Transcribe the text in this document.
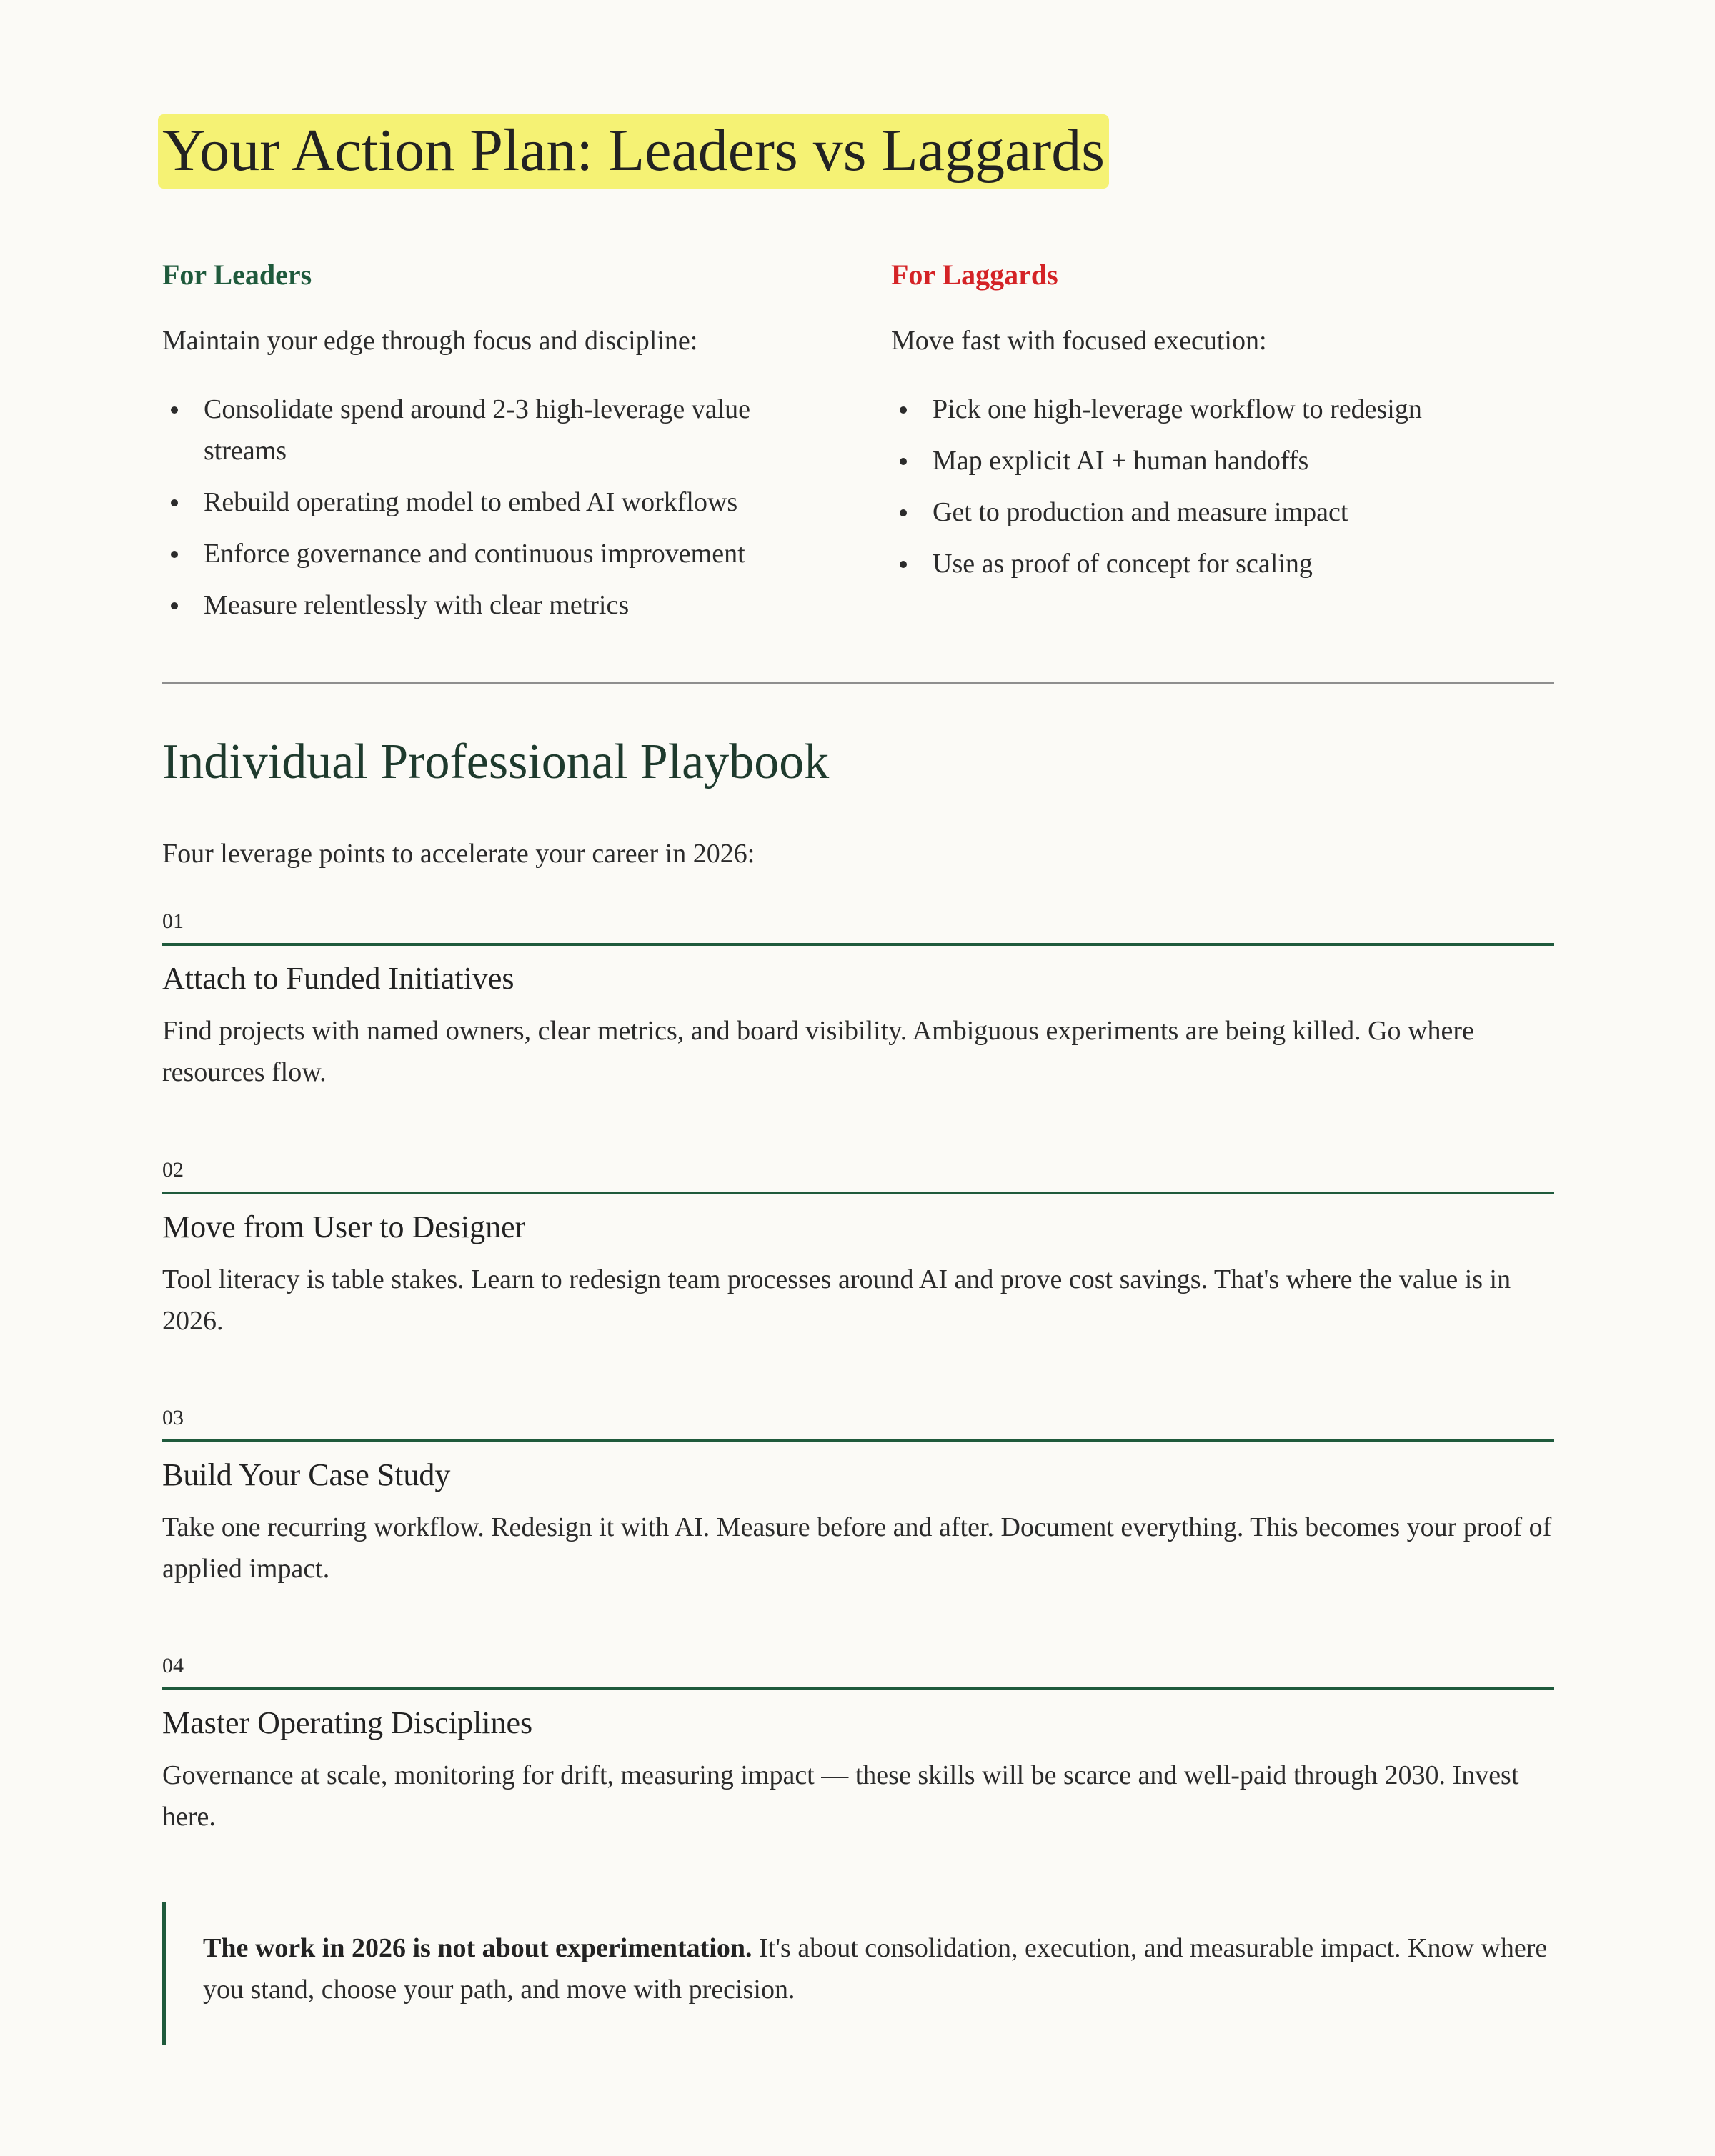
Your Action Plan: Leaders vs Laggards
For Leaders
Maintain your edge through focus and discipline:
Consolidate spend around 2-3 high-leverage value streams
Rebuild operating model to embed AI workflows
Enforce governance and continuous improvement
Measure relentlessly with clear metrics
For Laggards
Move fast with focused execution:
Pick one high-leverage workflow to redesign
Map explicit AI + human handoffs
Get to production and measure impact
Use as proof of concept for scaling
Individual Professional Playbook
Four leverage points to accelerate your career in 2026:
01
Attach to Funded Initiatives
Find projects with named owners, clear metrics, and board visibility. Ambiguous experiments are being killed. Go where resources flow.
02
Move from User to Designer
Tool literacy is table stakes. Learn to redesign team processes around AI and prove cost savings. That's where the value is in 2026.
03
Build Your Case Study
Take one recurring workflow. Redesign it with AI. Measure before and after. Document everything. This becomes your proof of applied impact.
04
Master Operating Disciplines
Governance at scale, monitoring for drift, measuring impact — these skills will be scarce and well-paid through 2030. Invest here.
The work in 2026 is not about experimentation. It's about consolidation, execution, and measurable impact. Know where you stand, choose your path, and move with precision.
